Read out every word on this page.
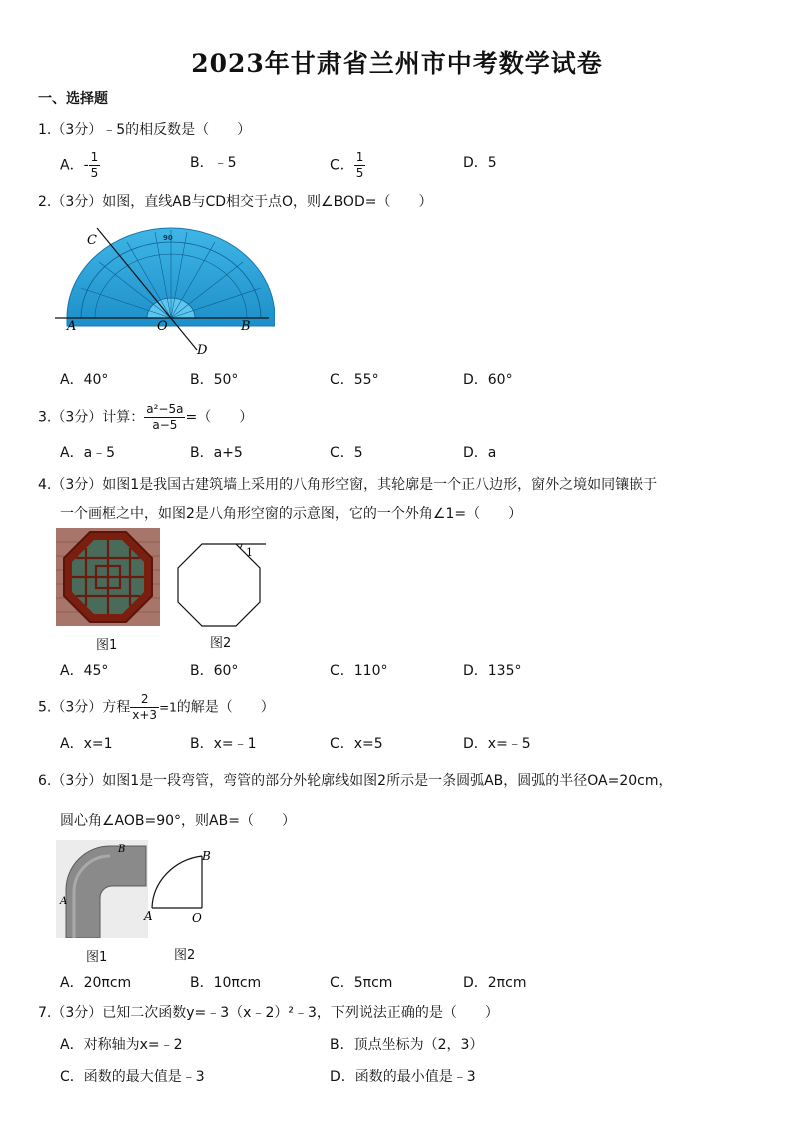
2023年甘肃省兰州市中考数学试卷
一、选择题
1.（3分）﹣5的相反数是（　　）
A．- $\frac{1}{5}$	B．﹣5	C． $\frac{1}{5}$	D．5
2.（3分）如图，直线AB与CD相交于点O，则∠BOD=（　　）
90
C
A	O	B
D
A．40°	B．50°	C．55°	D．60°
3.（3分）计算： $\frac{\text{a²−5a}}{a-5}$ =（　　）
A．a﹣5	B．a+5	C．5	D．a
4.（3分）如图1是我国古建筑墙上采用的八角形空窗，其轮廓是一个正八边形，窗外之境如同镶嵌于
一个画框之中，如图2是八角形空窗的示意图，它的一个外角∠1=（　　）
图1
1
图2
A．45°	B．60°	C．110°	D．135°
5.（3分）方程 $\frac{2}{x+3} =1$的解是（　　）
A．x=1	B．x=﹣1	C．x=5	D．x=﹣5
6.（3分）如图1是一段弯管，弯管的部分外轮廓线如图2所示是一条圆弧AB，圆弧的半径OA=20cm，
圆心角∠AOB=90°，则AB=（　　）
A
B
图1
A
B
O
图2
A．20πcm	B．10πcm	C．5πcm	D．2πcm
7.（3分）已知二次函数y=﹣3（x﹣2）²﹣3，下列说法正确的是（　　）
A．对称轴为x=﹣2	B．顶点坐标为（2，3）
C．函数的最大值是﹣3	D．函数的最小值是﹣3
